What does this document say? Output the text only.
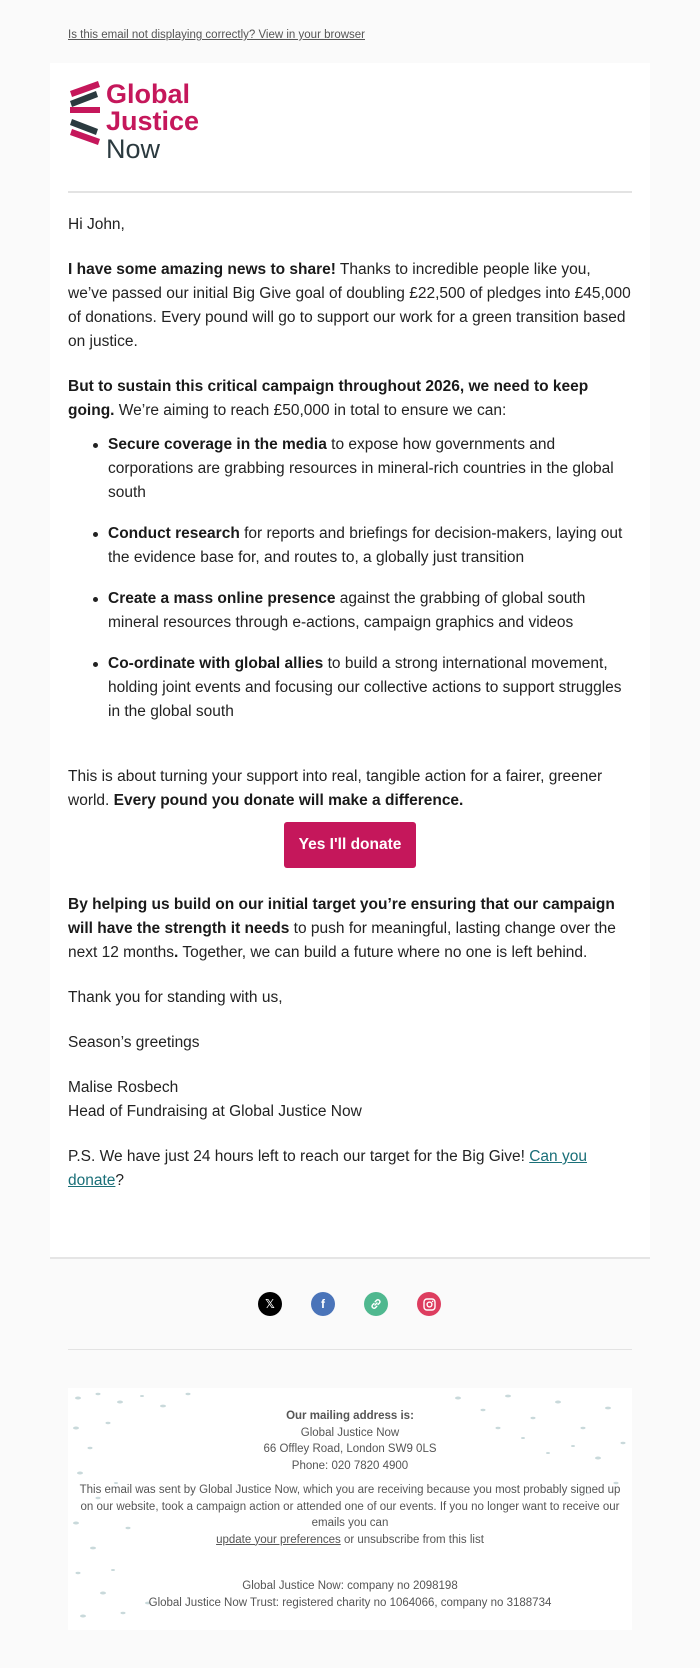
Is this email not displaying correctly? View in your browser
Global
Justice
Now

Hi John,

I have some amazing news to share! Thanks to incredible people like you, we’ve passed our initial Big Give goal of doubling £22,500 of pledges into £45,000 of donations. Every pound will go to support our work for a green transition based on justice.

But to sustain this critical campaign throughout 2026, we need to keep going. We’re aiming to reach £50,000 in total to ensure we can:

Secure coverage in the media to expose how governments and corporations are grabbing resources in mineral-rich countries in the global south
Conduct research for reports and briefings for decision-makers, laying out the evidence base for, and routes to, a globally just transition
Create a mass online presence against the grabbing of global south mineral resources through e-actions, campaign graphics and videos
Co-ordinate with global allies to build a strong international movement, holding joint events and focusing our collective actions to support struggles in the global south

This is about turning your support into real, tangible action for a fairer, greener world. Every pound you donate will make a difference.

Yes I'll donate

By helping us build on our initial target you’re ensuring that our campaign will have the strength it needs to push for meaningful, lasting change over the next 12 months. Together, we can build a future where no one is left behind.

Thank you for standing with us,

Season’s greetings

Malise Rosbech
Head of Fundraising at Global Justice Now

P.S. We have just 24 hours left to reach our target for the Big Give! Can you donate?

𝕏	f
Our mailing address is:
Global Justice Now
66 Offley Road, London SW9 0LS
Phone: 020 7820 4900
This email was sent by Global Justice Now, which you are receiving because you most probably signed up on our website, took a campaign action or attended one of our events. If you no longer want to receive our emails you can
update your preferences or unsubscribe from this list
Global Justice Now: company no 2098198
Global Justice Now Trust: registered charity no 1064066, company no 3188734
